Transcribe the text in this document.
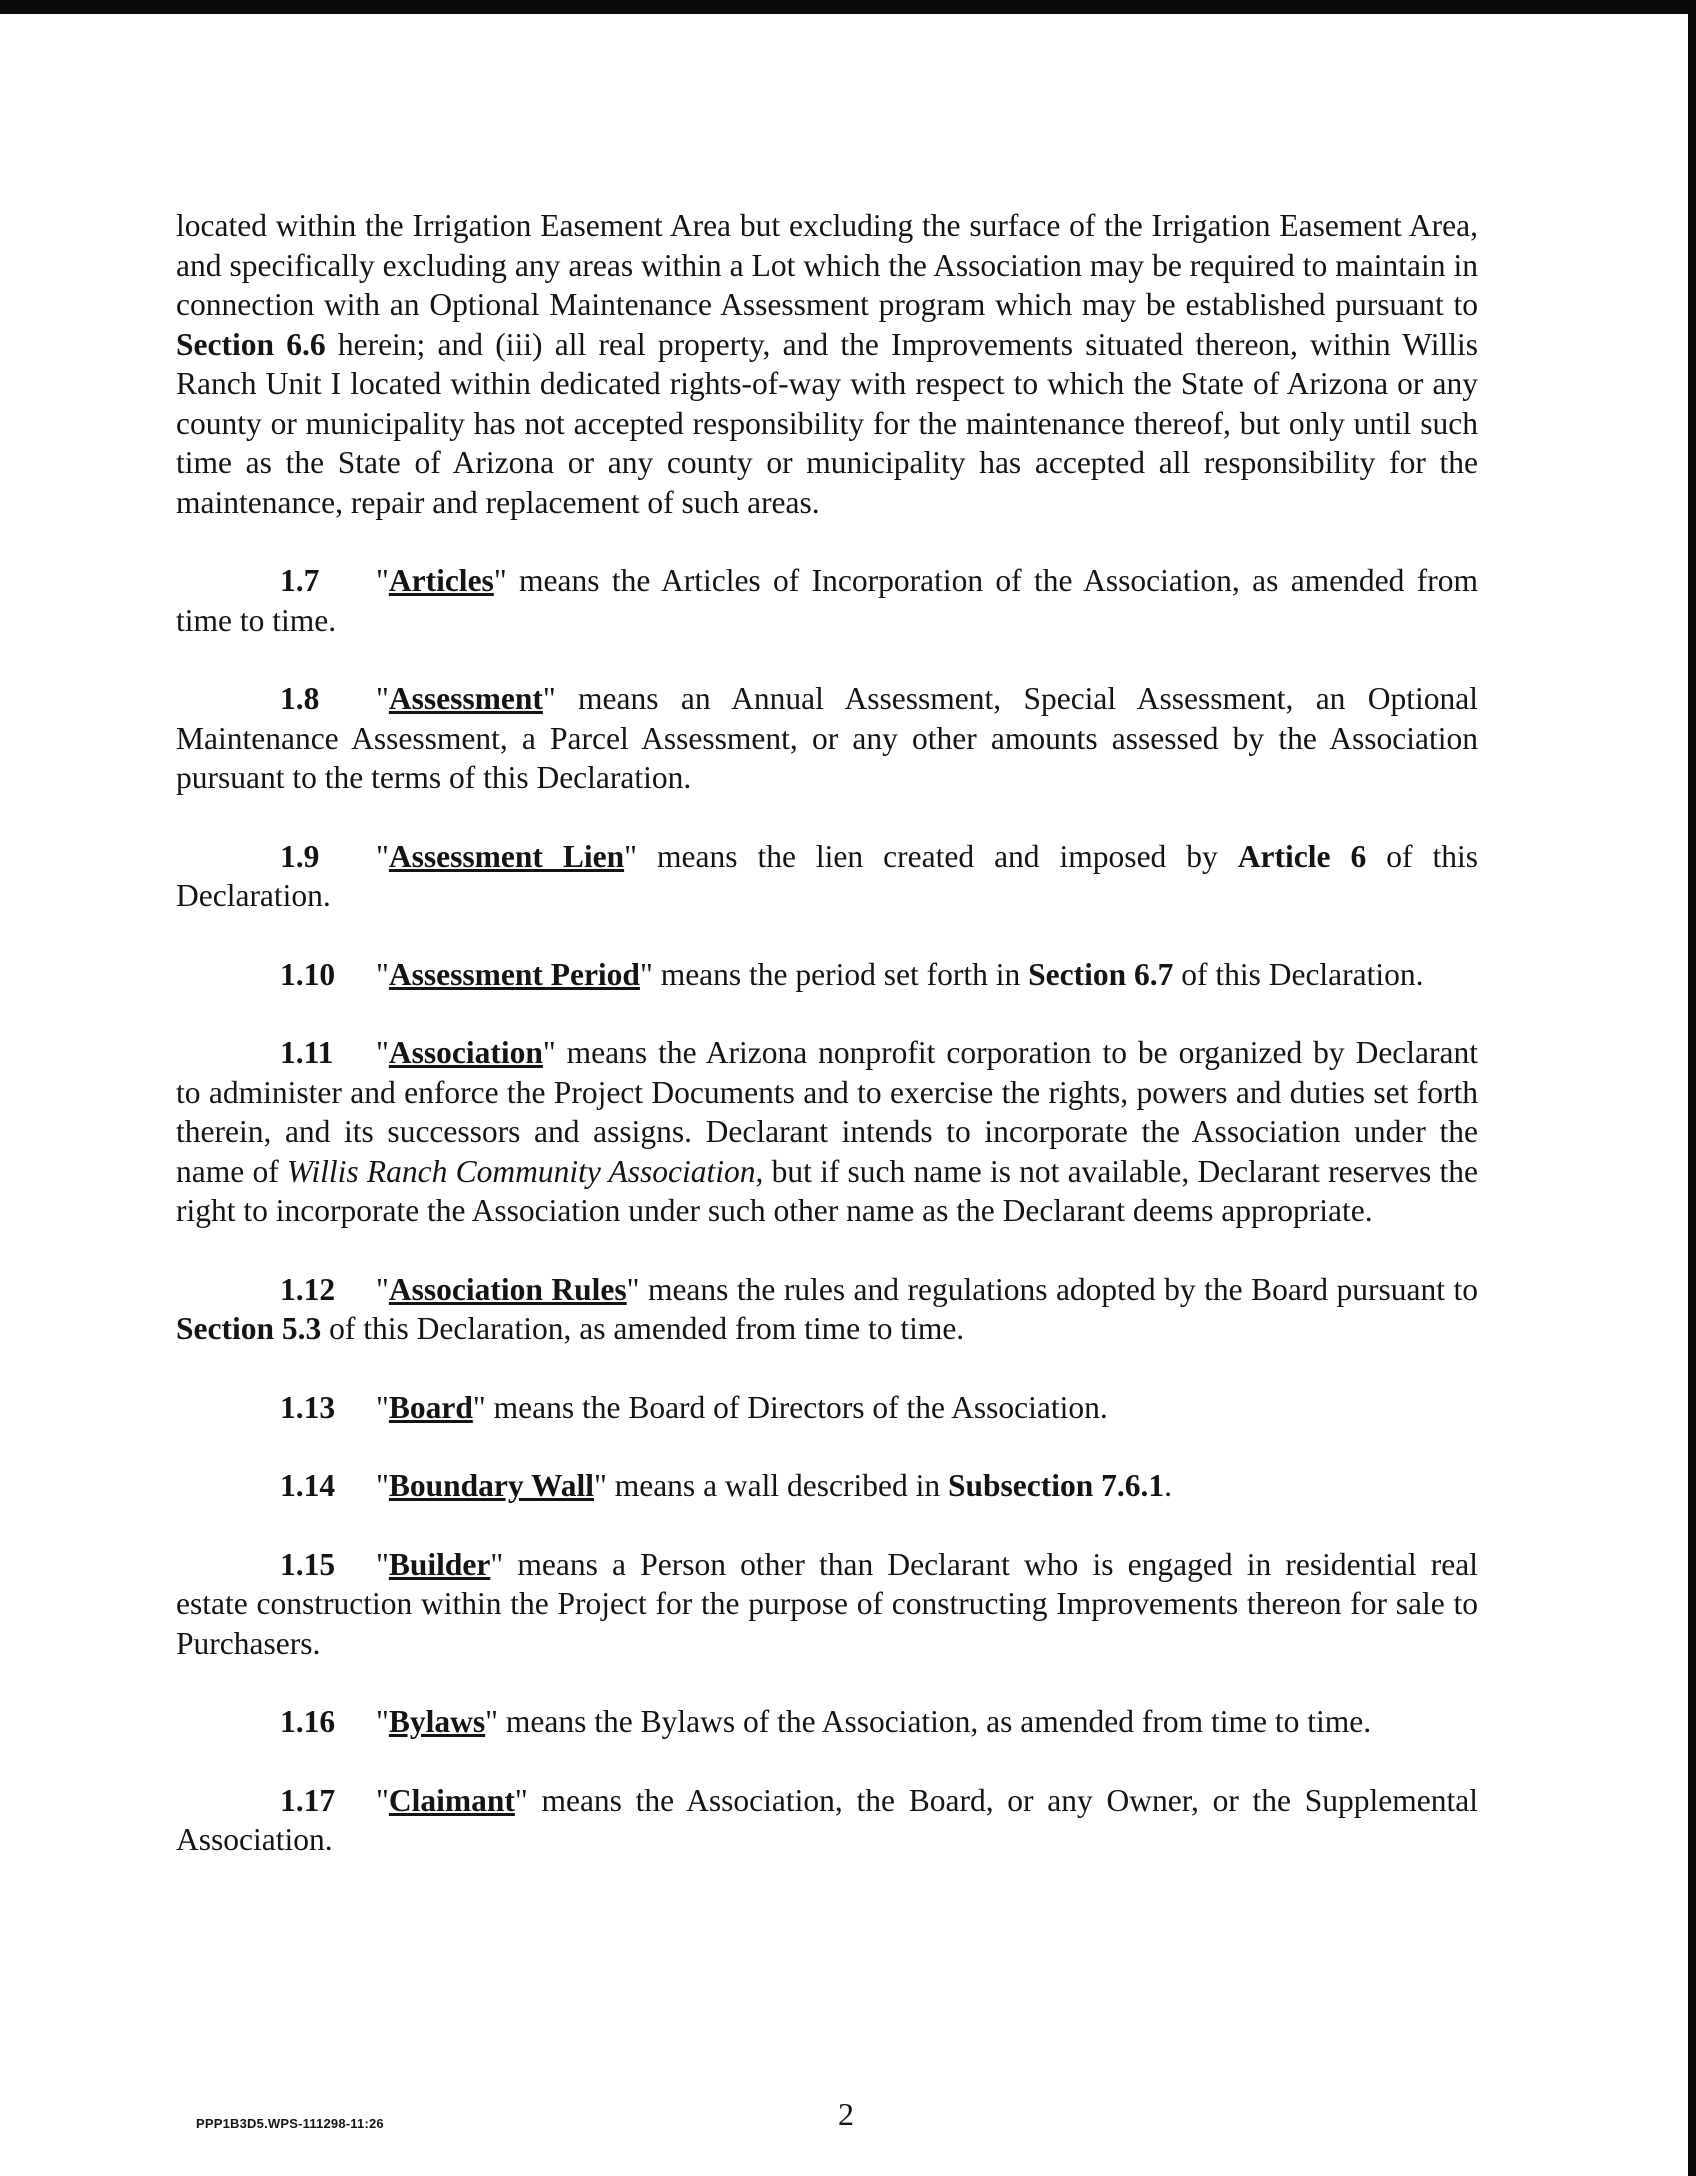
located within the Irrigation Easement Area but excluding the surface of the Irrigation Easement Area, and specifically excluding any areas within a Lot which the Association may be required to maintain in connection with an Optional Maintenance Assessment program which may be established pursuant to Section 6.6 herein; and (iii) all real property, and the Improvements situated thereon, within Willis Ranch Unit I located within dedicated rights-of-way with respect to which the State of Arizona or any county or municipality has not accepted responsibility for the maintenance thereof, but only until such time as the State of Arizona or any county or municipality has accepted all responsibility for the maintenance, repair and replacement of such areas.

1.7 "Articles" means the Articles of Incorporation of the Association, as amended from time to time.

1.8 "Assessment" means an Annual Assessment, Special Assessment, an Optional Maintenance Assessment, a Parcel Assessment, or any other amounts assessed by the Association pursuant to the terms of this Declaration.

1.9 "Assessment Lien" means the lien created and imposed by Article 6 of this Declaration.

1.10 "Assessment Period" means the period set forth in Section 6.7 of this Declaration.

1.11 "Association" means the Arizona nonprofit corporation to be organized by Declarant to administer and enforce the Project Documents and to exercise the rights, powers and duties set forth therein, and its successors and assigns. Declarant intends to incorporate the Association under the name of Willis Ranch Community Association, but if such name is not available, Declarant reserves the right to incorporate the Association under such other name as the Declarant deems appropriate.

1.12 "Association Rules" means the rules and regulations adopted by the Board pursuant to Section 5.3 of this Declaration, as amended from time to time.

1.13 "Board" means the Board of Directors of the Association.

1.14 "Boundary Wall" means a wall described in Subsection 7.6.1.

1.15 "Builder" means a Person other than Declarant who is engaged in residential real estate construction within the Project for the purpose of constructing Improvements thereon for sale to Purchasers.

1.16 "Bylaws" means the Bylaws of the Association, as amended from time to time.

1.17 "Claimant" means the Association, the Board, or any Owner, or the Supplemental Association.

PPP1B3D5.WPS-111298-11:26	2
